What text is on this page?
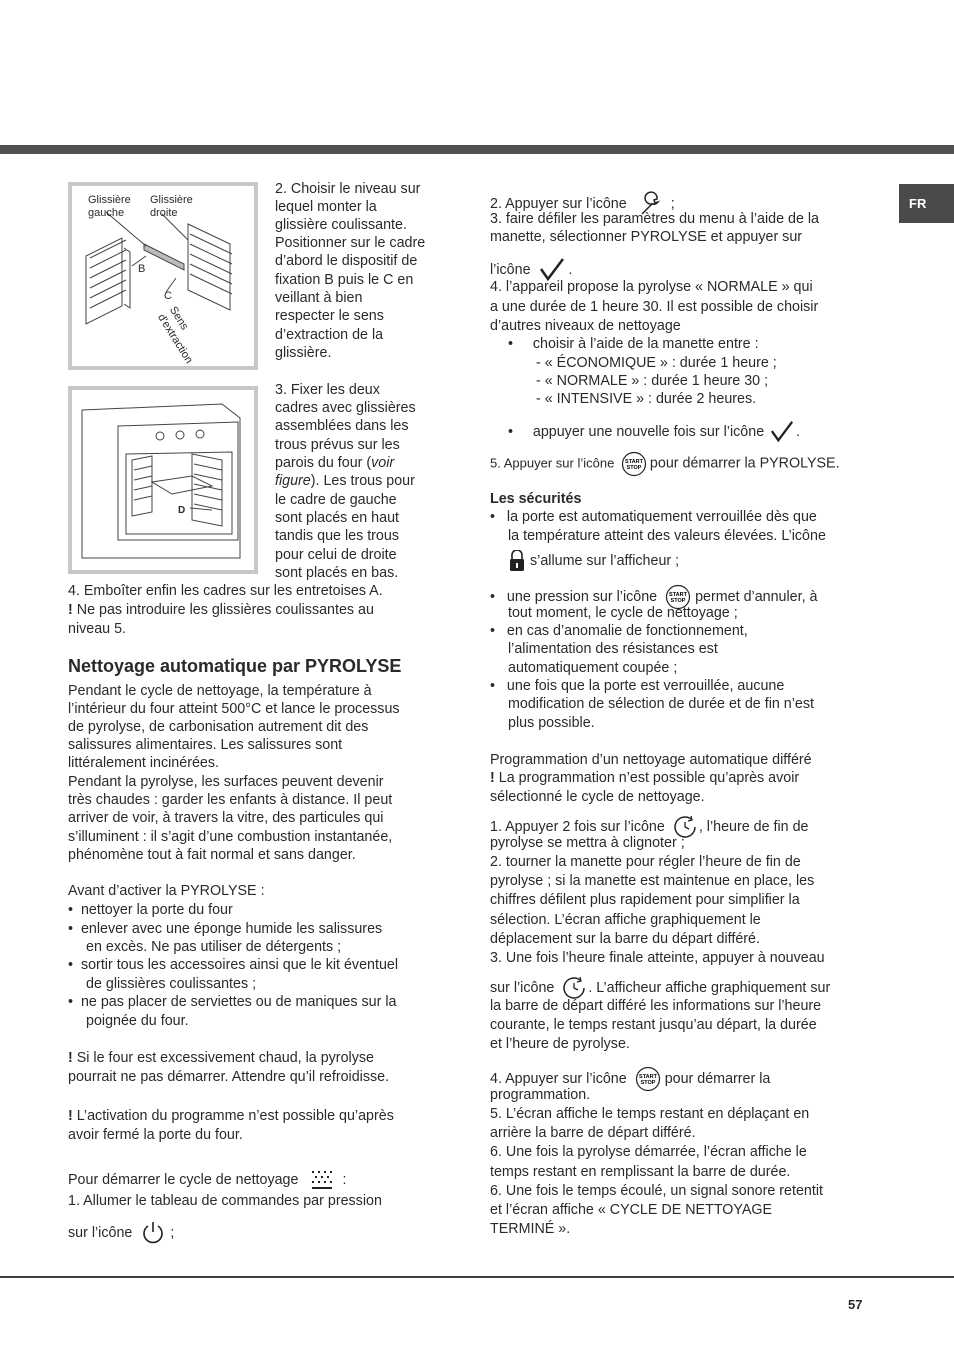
FR
Glissière
gauche
Glissière
droite
B
C
Sens
d'extraction
D

2. Choisir le niveau sur

lequel monter la

glissière coulissante.

Positionner sur le cadre

d’abord le dispositif de

fixation B puis le C en

veillant à bien

respecter le sens

d’extraction de la

glissière.

3. Fixer les deux

cadres avec glissières

assemblées dans les

trous prévus sur les

parois du four (voir

figure). Les trous pour

le cadre de gauche

sont placés en haut

tandis que les trous

pour celui de droite

sont placés en bas.

4. Emboîter enfin les cadres sur les entretoises A.

! Ne pas introduire les glissières coulissantes au

niveau 5.

Nettoyage automatique par PYROLYSE

Pendant le cycle de nettoyage, la température à

l’intérieur du four atteint 500°C et lance le processus

de pyrolyse, de carbonisation autrement dit des

salissures alimentaires. Les salissures sont

littéralement incinérées.

Pendant la pyrolyse, les surfaces peuvent devenir

très chaudes : garder les enfants à distance. Il peut

arriver de voir, à travers la vitre, des particules qui

s’illuminent : il s’agit d’une combustion instantanée,

phénomène tout à fait normal et sans danger.

Avant d’activer la PYROLYSE :

•  nettoyer la porte du four

•  enlever avec une éponge humide les salissures

en excès. Ne pas utiliser de détergents ;

•  sortir tous les accessoires ainsi que le kit éventuel

de glissières coulissantes ;

•  ne pas placer de serviettes ou de maniques sur la

poignée du four.

! Si le four est excessivement chaud, la pyrolyse

pourrait ne pas démarrer. Attendre qu’il refroidisse.

! L’activation du programme n’est possible qu’après

avoir fermé la porte du four.

Pour démarrer le cycle de nettoyage	:

1. Allumer le tableau de commandes par pression

sur l’icône	;

2. Appuyer sur l’icône	;

3. faire défiler les paramètres du menu à l’aide de la

manette, sélectionner PYROLYSE et appuyer sur

l’icône	.

4. l’appareil propose la pyrolyse « NORMALE » qui

a une durée de 1 heure 30. Il est possible de choisir

d’autres niveaux de nettoyage

•     choisir à l’aide de la manette entre :

- « ÉCONOMIQUE » : durée 1 heure ;

- « NORMALE » : durée 1 heure 30 ;

- « INTENSIVE » : durée 2 heures.

•     appuyer une nouvelle fois sur l’icône .

5. Appuyer sur l’icône START
STOP pour démarrer la PYROLYSE.

Les sécurités

•   la porte est automatiquement verrouillée dès que

la température atteint des valeurs élevées. L’icône

s’allume sur l’afficheur ;

•   une pression sur l’icône START
STOP permet d’annuler, à

tout moment, le cycle de nettoyage ;

•   en cas d’anomalie de fonctionnement,

l’alimentation des résistances est

automatiquement coupée ;

•   une fois que la porte est verrouillée, aucune

modification de sélection de durée et de fin n’est

plus possible.

Programmation d’un nettoyage automatique différé

! La programmation n’est possible qu’après avoir

sélectionné le cycle de nettoyage.

1. Appuyer 2 fois sur l’icône , l’heure de fin de

pyrolyse se mettra à clignoter ;

2. tourner la manette pour régler l’heure de fin de

pyrolyse ; si la manette est maintenue en place, les

chiffres défilent plus rapidement pour simplifier la

sélection. L’écran affiche graphiquement le

déplacement sur la barre du départ différé.

3. Une fois l’heure finale atteinte, appuyer à nouveau

sur l’icône . L’afficheur affiche graphiquement sur

la barre de départ différé les informations sur l’heure

courante, le temps restant jusqu’au départ, la durée

et l’heure de pyrolyse.

4. Appuyer sur l’icône START
STOP pour démarrer la

programmation.

5. L’écran affiche le temps restant en déplaçant en

arrière la barre de départ différé.

6. Une fois la pyrolyse démarrée, l’écran affiche le

temps restant en remplissant la barre de durée.

6. Une fois le temps écoulé, un signal sonore retentit

et l’écran affiche « CYCLE DE NETTOYAGE

TERMINÉ ».

57
